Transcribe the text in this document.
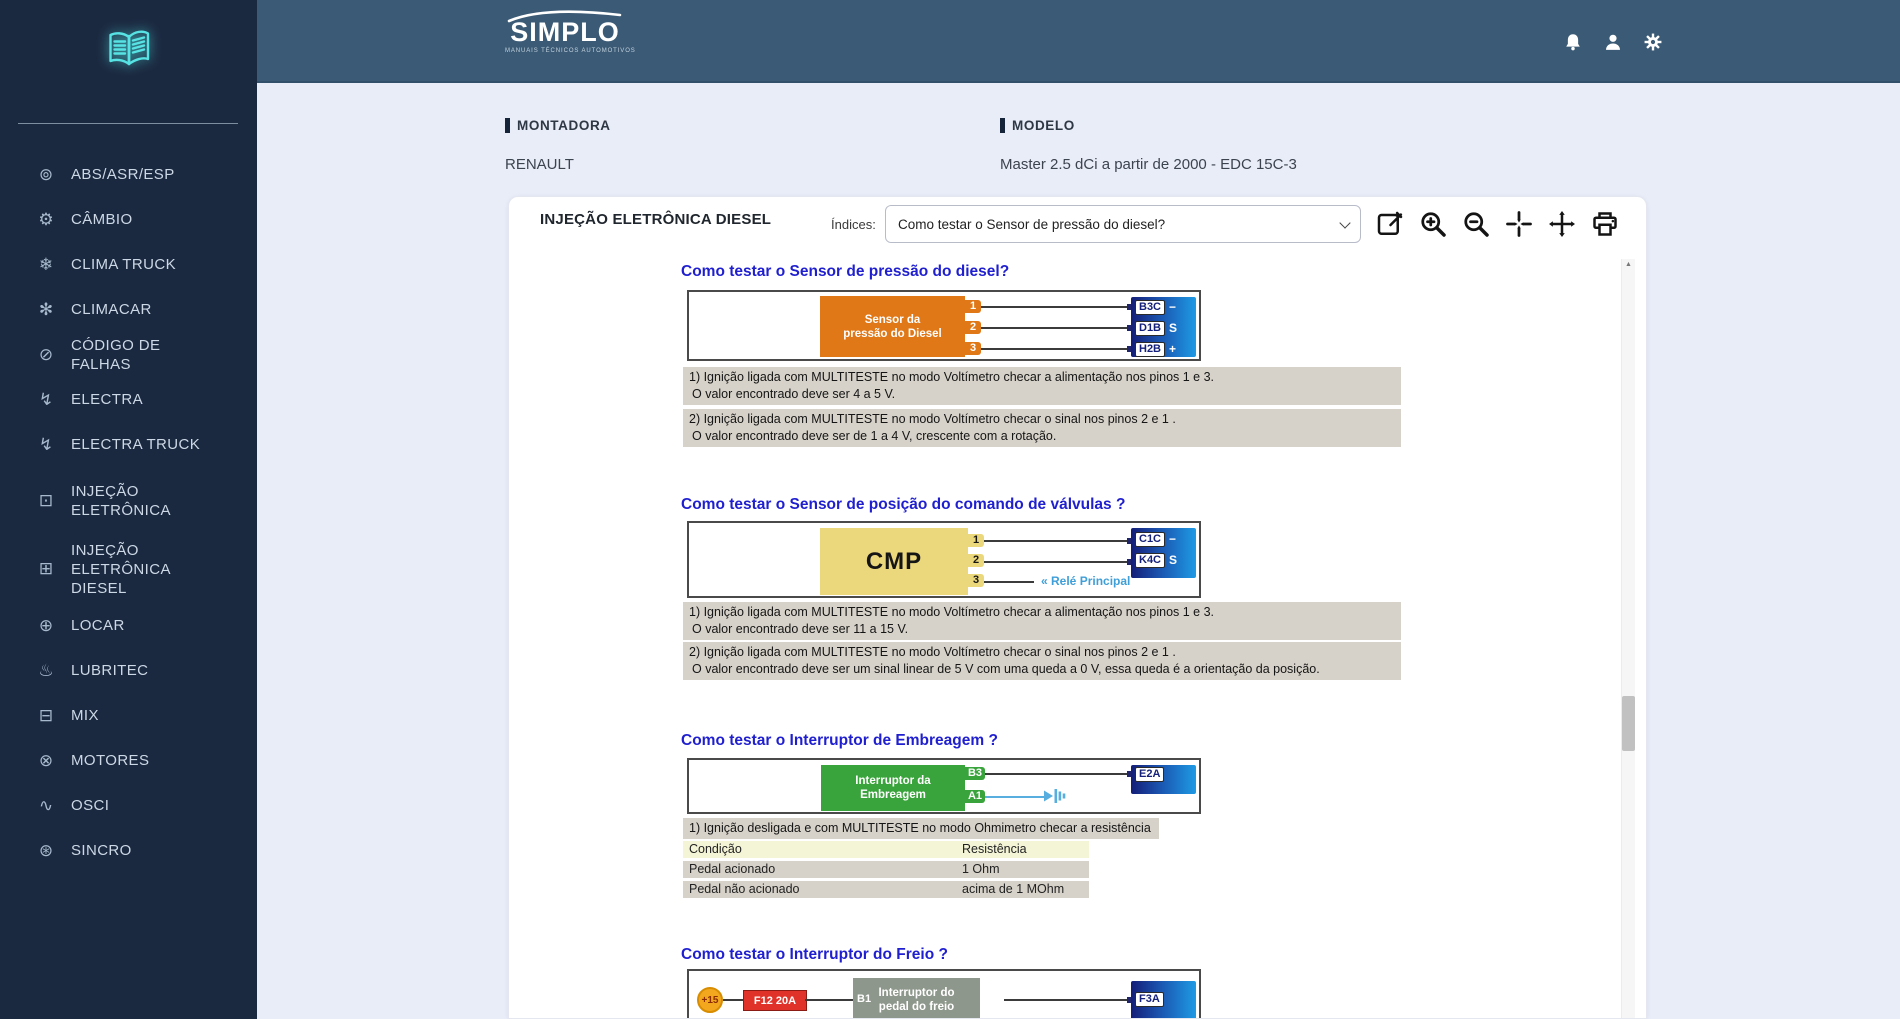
⊚ ABS/ASR/ESP
⚙ CÂMBIO
❄ CLIMA TRUCK
✻ CLIMACAR
⊘ CÓDIGO DE FALHAS
↯ ELECTRA
↯ ELECTRA TRUCK
⊡ INJEÇÃO ELETRÔNICA
⊞
INJEÇÃO ELETRÔNICA DIESEL
⊕ LOCAR
♨ LUBRITEC
⊟ MIX
⊗ MOTORES
∿ OSCI
⊛ SINCRO
SIMPLO
MANUAIS TÉCNICOS AUTOMOTIVOS
MONTADORA
RENAULT
MODELO
Master 2.5 dCi a partir de 2000 - EDC 15C-3
INJEÇÃO ELETRÔNICA DIESEL	Índices:
Como testar o Sensor de pressão do diesel?
Como testar o Sensor de pressão do diesel?
Sensor da
pressão do Diesel
1
2
3
B3C −
D1B S
H2B +
1) Ignição ligada com MULTITESTE no modo Voltímetro checar a alimentação nos pinos 1 e 3.
O valor encontrado deve ser 4 a 5 V.
2) Ignição ligada com MULTITESTE no modo Voltímetro checar o sinal nos pinos 2 e 1 .
O valor encontrado deve ser de 1 a 4 V, crescente com a rotação.
Como testar o Sensor de posição do comando de válvulas ?
CMP
1
2
3
C1C −
K4C S
« Relé Principal
1) Ignição ligada com MULTITESTE no modo Voltímetro checar a alimentação nos pinos 1 e 3.
O valor encontrado deve ser 11 a 15 V.
2) Ignição ligada com MULTITESTE no modo Voltímetro checar o sinal nos pinos 2 e 1 .
O valor encontrado deve ser um sinal linear de 5 V com uma queda a 0 V, essa queda é a orientação da posição.
Como testar o Interruptor de Embreagem ?
Interruptor da
Embreagem
B3
A1
E2A
1) Ignição desligada e com MULTITESTE no modo Ohmimetro checar a resistência
Condição	Resistência
Pedal acionado	1 Ohm
Pedal não acionado	acima de 1 MOhm
Como testar o Interruptor do Freio ?
+15	F12 20A
Interruptor do
pedal do freio
B1	A3	F3A
▲
